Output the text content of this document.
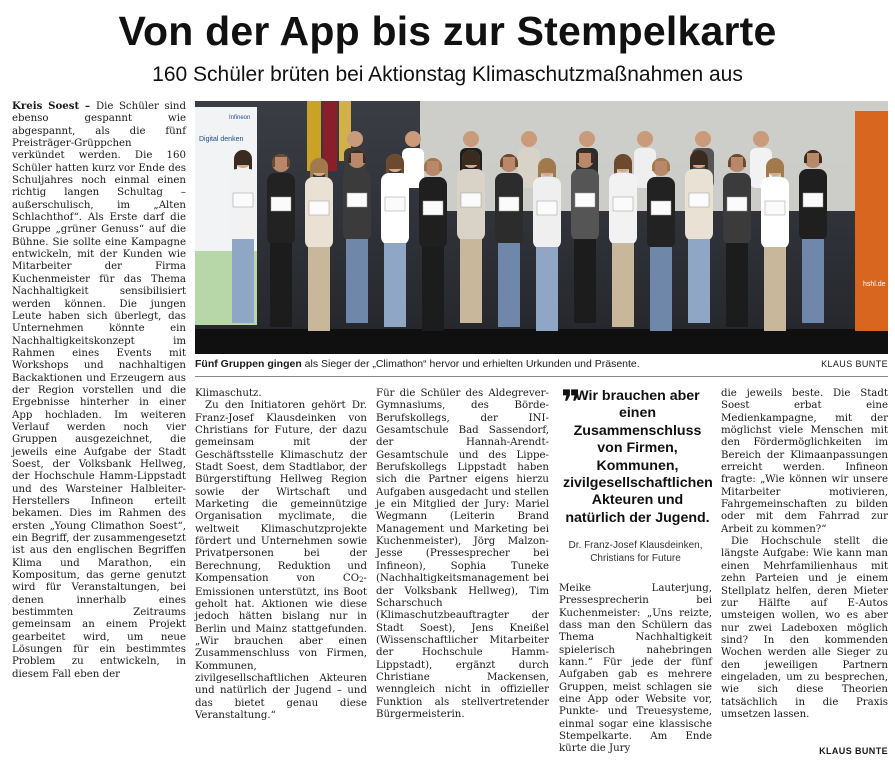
Von der App bis zur Stempelkarte
160 Schüler brüten bei Aktionstag Klimaschutzmaßnahmen aus

Kreis Soest – Die Schüler sind ebenso gespannt wie abgespannt, als die fünf Preisträger-Grüppchen verkündet werden. Die 160 Schüler hatten kurz vor Ende des Schuljahres noch einmal einen richtig langen Schultag – außerschulisch, im „Alten Schlachthof“. Als Erste darf die Gruppe „grüner Genuss“ auf die Bühne. Sie sollte eine Kampagne entwickeln, mit der Kunden wie Mitarbeiter der Firma Kuchenmeister für das Thema Nachhaltigkeit sensibilisiert werden können. Die jungen Leute haben sich überlegt, das Unternehmen könnte ein Nachhaltigkeitskonzept im Rahmen eines Events mit Workshops und nachhaltigen Backaktionen und Erzeugern aus der Region vorstellen und die Ergebnisse hinterher in einer App hochladen. Im weiteren Verlauf werden noch vier Gruppen ausgezeichnet, die jeweils eine Aufgabe der Stadt Soest, der Volksbank Hellweg, der Hochschule Hamm-Lippstadt und des Warsteiner Halbleiter-Herstellers Infineon erteilt bekamen. Dies im Rahmen des ersten „Young Climathon Soest“, ein Begriff, der zusammengesetzt ist aus den englischen Begriffen Klima und Marathon, ein Kompositum, das gerne genutzt wird für Veranstaltungen, bei denen innerhalb eines bestimmten Zeitraums gemeinsam an einem Projekt gearbeitet wird, um neue Lösungen für ein bestimmtes Problem zu entwickeln, in diesem Fall eben der

Digital denken
Infineon
hshl.de
Fünf Gruppen gingen als Sieger der „Climathon“ hervor und erhielten Urkunden und Präsente.	KLAUS BUNTE

Klimaschutz.

Zu den Initiatoren gehört Dr. Franz-Josef Klausdeinken von Christians for Future, der dazu gemeinsam mit der Geschäftsstelle Klimaschutz der Stadt Soest, dem Stadtlabor, der Bürgerstiftung Hellweg Region sowie der Wirtschaft und Marketing die gemeinnützige Organisation myclimate, die weltweit Klimaschutzprojekte fördert und Unternehmen sowie Privatpersonen bei der Berechnung, Reduktion und Kompensation von CO2-Emissionen unterstützt, ins Boot geholt hat. Aktionen wie diese jedoch hätten bislang nur in Berlin und Mainz stattgefunden. „Wir brauchen aber einen Zusammenschluss von Firmen, Kommunen, zivilgesellschaftlichen Akteuren und natürlich der Jugend – und das bietet genau diese Veranstaltung.“

Für die Schüler des Aldegrever-Gymnasiums, des Börde-Berufskollegs, der INI-Gesamtschule Bad Sassendorf, der Hannah-Arendt-Gesamtschule und des Lippe-Berufskollegs Lippstadt haben sich die Partner eigens hierzu Aufgaben ausgedacht und stellen je ein Mitglied der Jury: Mariel Wegmann (Leiterin Brand Management und Marketing bei Kuchenmeister), Jörg Malzon-Jesse (Pressesprecher bei Infineon), Sophia Tuneke (Nachhaltigkeitsmanagement bei der Volksbank Hellweg), Tim Scharschuch (Klimaschutzbeauftragter der Stadt Soest), Jens Kneißel (Wissenschaftlicher Mitarbeiter der Hochschule Hamm-Lippstadt), ergänzt durch Christiane Mackensen, wenngleich nicht in offizieller Funktion als stellvertretender Bürgermeisterin.

❞
Wir brauchen aber einen Zusammenschluss von Firmen, Kommunen, zivilgesellschaftlichen Akteuren und natürlich der Jugend.
Dr. Franz-Josef Klausdeinken,
Christians for Future

Meike Lauterjung, Pressesprecherin bei Kuchenmeister: „Uns reizte, dass man den Schülern das Thema Nachhaltigkeit spielerisch nahebringen kann.“ Für jede der fünf Aufgaben gab es mehrere Gruppen, meist schlagen sie eine App oder Website vor, Punkte- und Treuesysteme, einmal sogar eine klassische Stempelkarte. Am Ende kürte die Jury

die jeweils beste. Die Stadt Soest erbat eine Medienkampagne, mit der möglichst viele Menschen mit den Fördermöglichkeiten im Bereich der Klimaanpassungen erreicht werden. Infineon fragte: „Wie können wir unsere Mitarbeiter motivieren, Fahrgemeinschaften zu bilden oder mit dem Fahrrad zur Arbeit zu kommen?“

Die Hochschule stellt die längste Aufgabe: Wie kann man einen Mehrfamilienhaus mit zehn Parteien und je einem Stellplatz helfen, deren Mieter zur Hälfte auf E-Autos umsteigen wollen, wo es aber nur zwei Ladeboxen möglich sind? In den kommenden Wochen werden alle Sieger zu den jeweiligen Partnern eingeladen, um zu besprechen, wie sich diese Theorien tatsächlich in die Praxis umsetzen lassen.

KLAUS BUNTE
